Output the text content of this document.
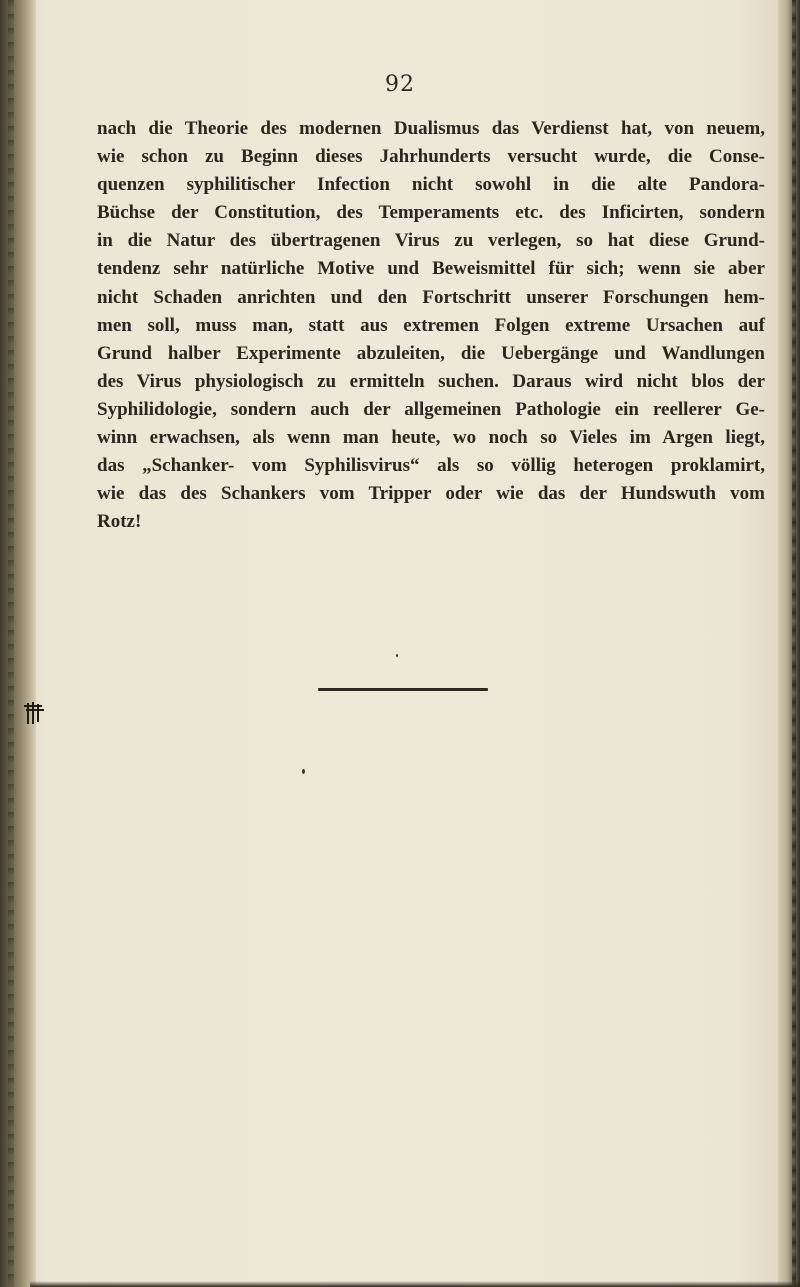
92
nach die Theorie des modernen Dualismus das Verdienst hat, von neuem,
wie schon zu Beginn dieses Jahrhunderts versucht wurde, die Conse-
quenzen syphilitischer Infection nicht sowohl in die alte Pandora-
Büchse der Constitution, des Temperaments etc. des Inficirten, sondern
in die Natur des übertragenen Virus zu verlegen, so hat diese Grund-
tendenz sehr natürliche Motive und Beweismittel für sich; wenn sie aber
nicht Schaden anrichten und den Fortschritt unserer Forschungen hem-
men soll, muss man, statt aus extremen Folgen extreme Ursachen auf
Grund halber Experimente abzuleiten, die Uebergänge und Wandlungen
des Virus physiologisch zu ermitteln suchen. Daraus wird nicht blos der
Syphilidologie, sondern auch der allgemeinen Pathologie ein reellerer Ge-
winn erwachsen, als wenn man heute, wo noch so Vieles im Argen liegt,
das „Schanker- vom Syphilisvirus“ als so völlig heterogen proklamirt,
wie das des Schankers vom Tripper oder wie das der Hundswuth vom
Rotz!
